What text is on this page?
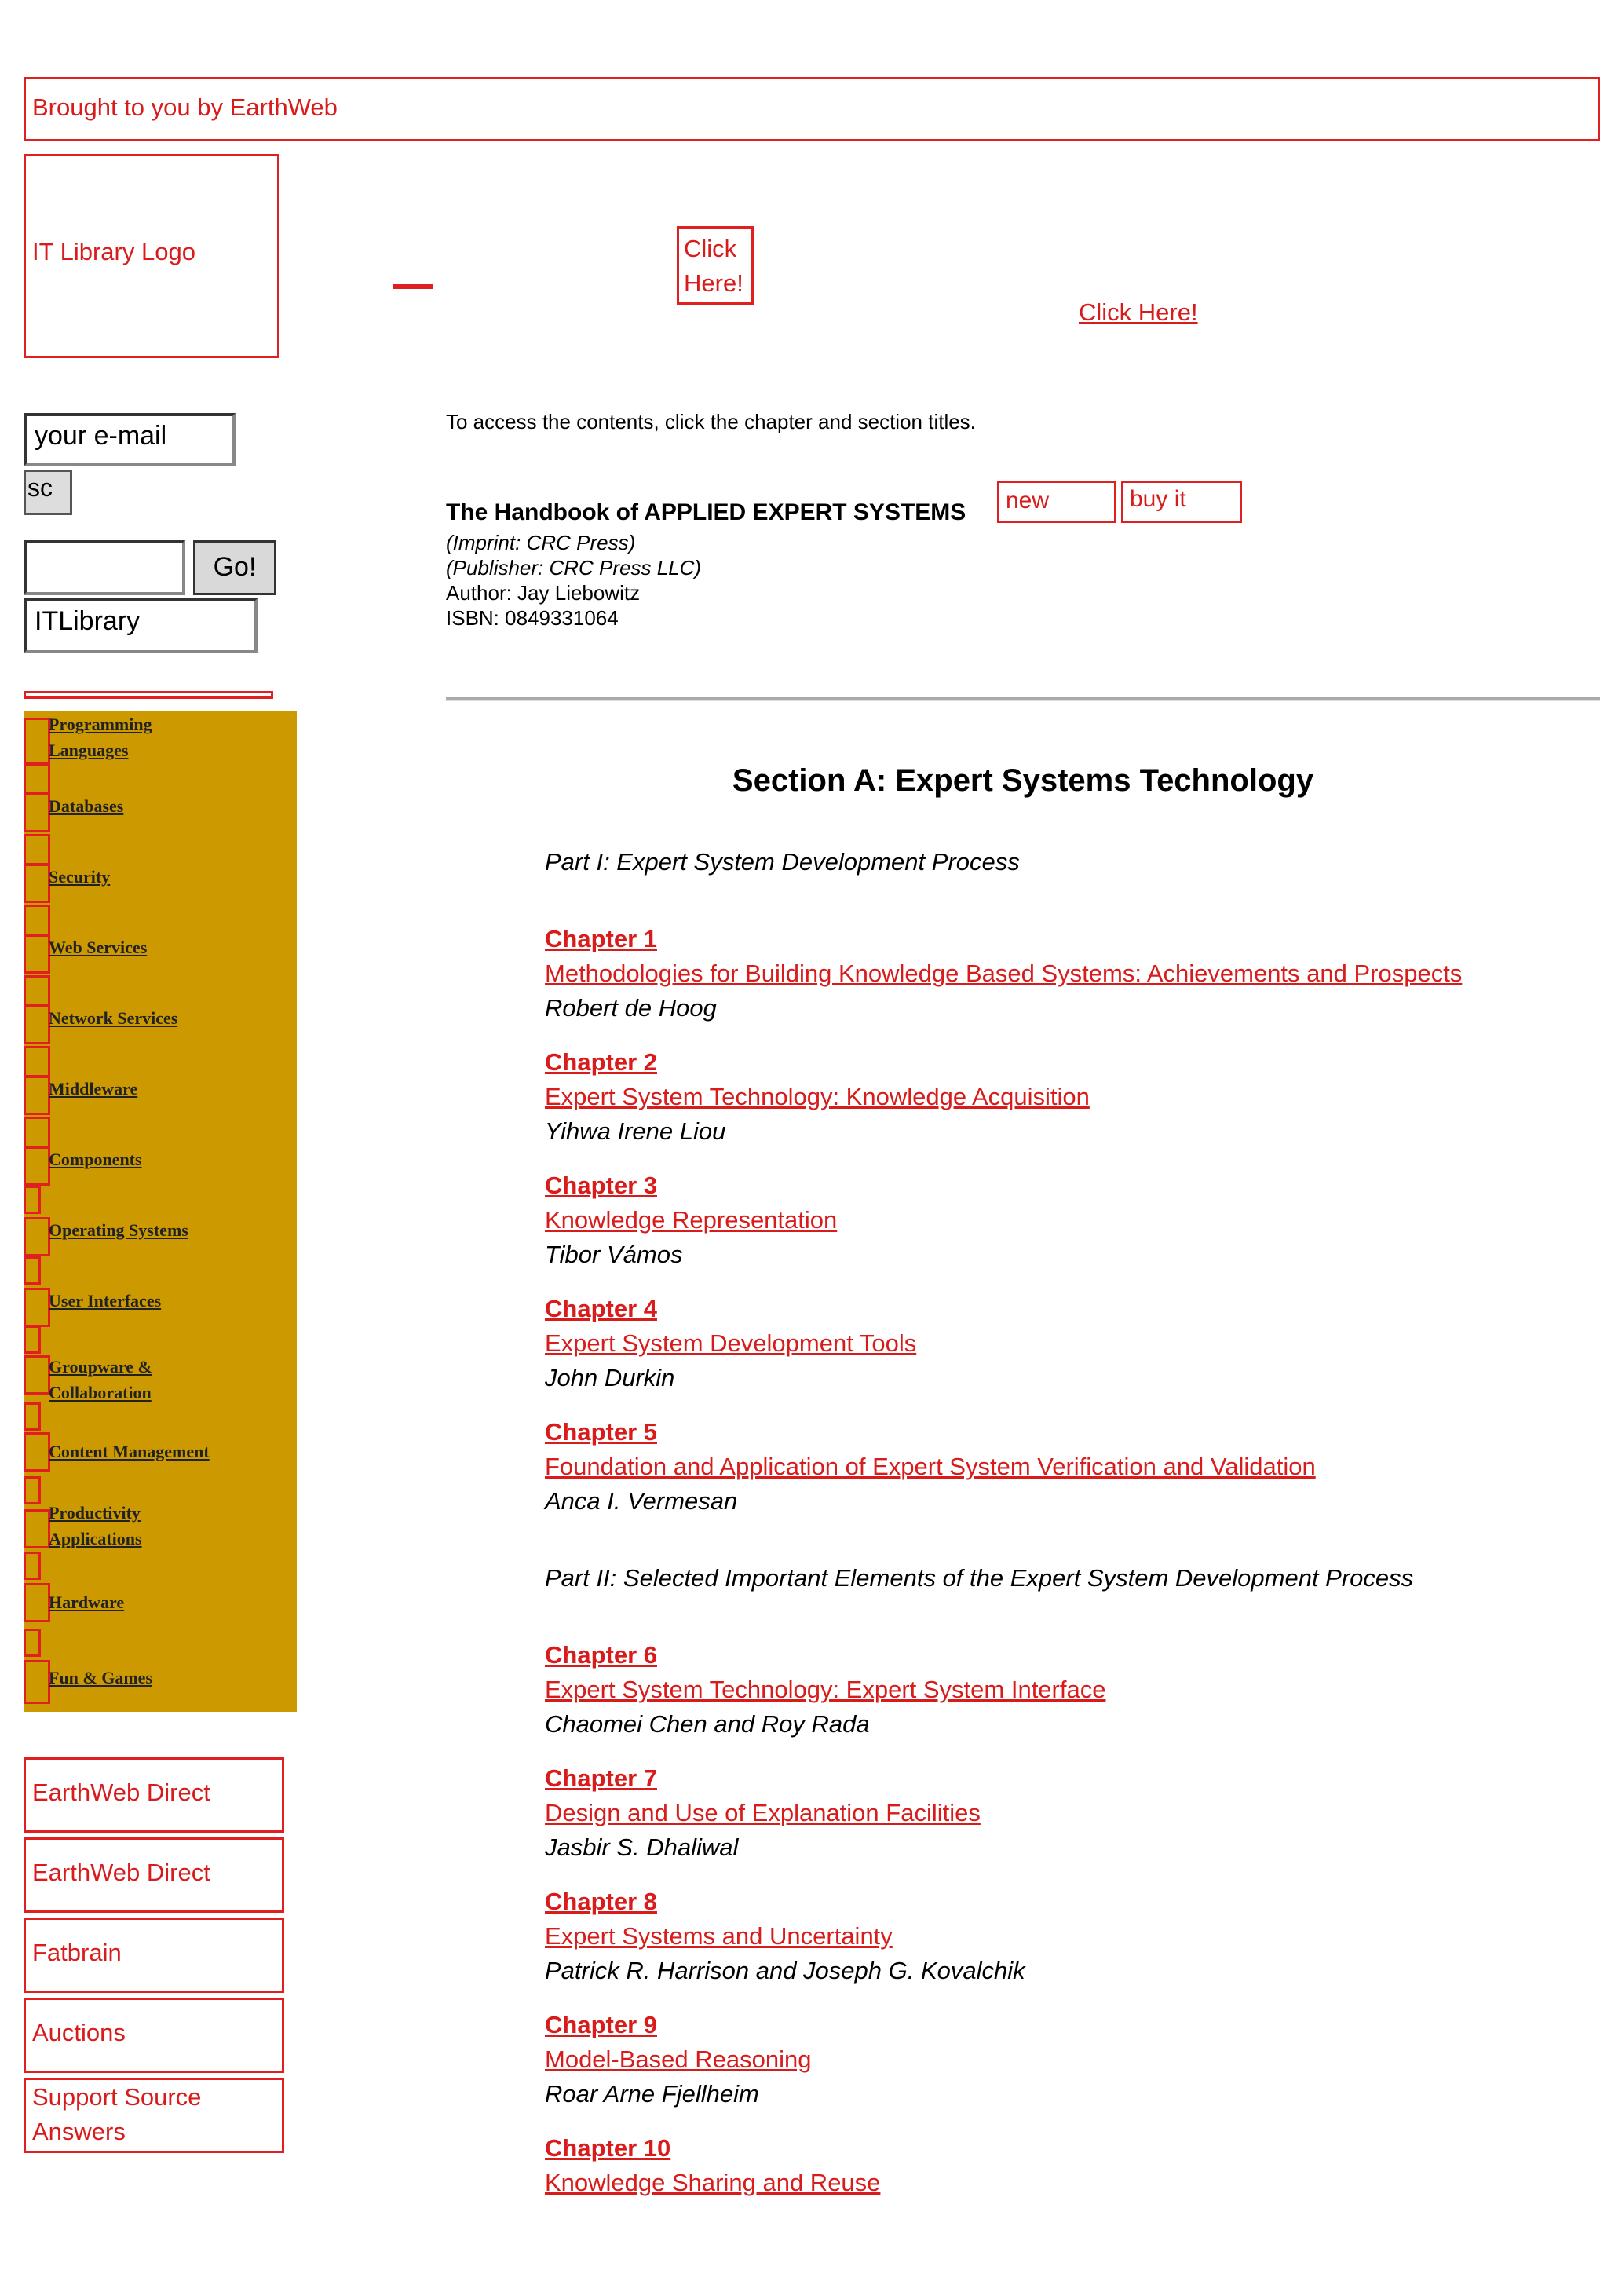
Brought to you by EarthWeb
IT Library Logo	Click Here!
Click Here!
your e-mail
sc
Go!
ITLibrary
Programming
Languages
Databases
Security
Web Services
Network Services
Middleware
Components
Operating Systems
User Interfaces
Groupware &
Collaboration
Content Management
Productivity
Applications
Hardware
Fun & Games
EarthWeb Direct
EarthWeb Direct
Fatbrain
Auctions
Support Source Answers
To access the contents, click the chapter and section titles.
The Handbook of APPLIED EXPERT SYSTEMS	new	buy it
(Imprint: CRC Press)
(Publisher: CRC Press LLC)
Author: Jay Liebowitz
ISBN: 0849331064
Section A: Expert Systems Technology
Part I: Expert System Development Process
Chapter 1
Methodologies for Building Knowledge Based Systems: Achievements and Prospects
Robert de Hoog
Chapter 2
Expert System Technology: Knowledge Acquisition
Yihwa Irene Liou
Chapter 3
Knowledge Representation
Tibor Vámos
Chapter 4
Expert System Development Tools
John Durkin
Chapter 5
Foundation and Application of Expert System Verification and Validation
Anca I. Vermesan
Part II: Selected Important Elements of the Expert System Development Process
Chapter 6
Expert System Technology: Expert System Interface
Chaomei Chen and Roy Rada
Chapter 7
Design and Use of Explanation Facilities
Jasbir S. Dhaliwal
Chapter 8
Expert Systems and Uncertainty
Patrick R. Harrison and Joseph G. Kovalchik
Chapter 9
Model-Based Reasoning
Roar Arne Fjellheim
Chapter 10
Knowledge Sharing and Reuse
